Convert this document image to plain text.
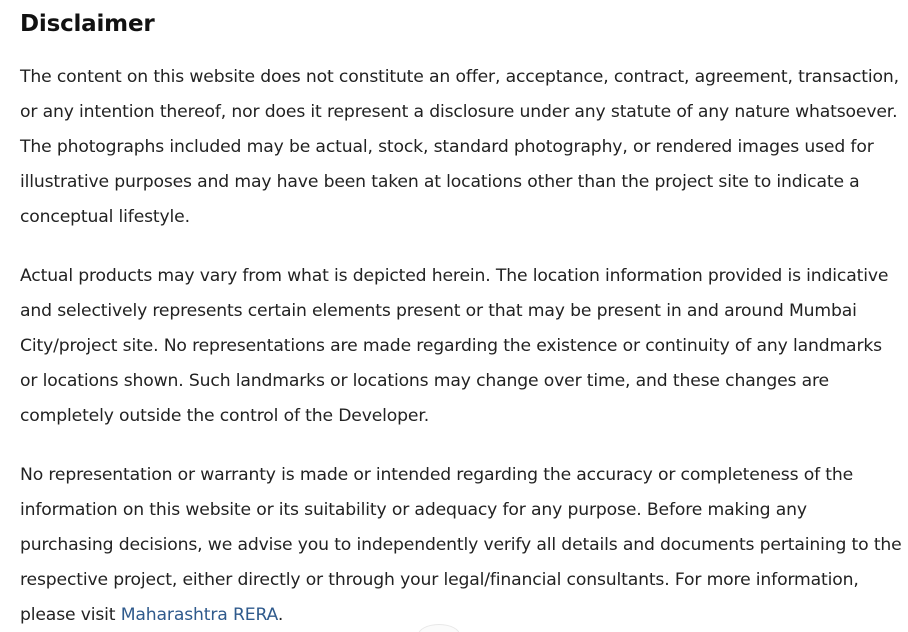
Disclaimer

The content on this website does not constitute an offer, acceptance, contract, agreement, transaction, or any intention thereof, nor does it represent a disclosure under any statute of any nature whatsoever. The photographs included may be actual, stock, standard photography, or rendered images used for illustrative purposes and may have been taken at locations other than the project site to indicate a conceptual lifestyle.

Actual products may vary from what is depicted herein. The location information provided is indicative and selectively represents certain elements present or that may be present in and around Mumbai City/project site. No representations are made regarding the existence or continuity of any landmarks or locations shown. Such landmarks or locations may change over time, and these changes are completely outside the control of the Developer.

No representation or warranty is made or intended regarding the accuracy or completeness of the information on this website or its suitability or adequacy for any purpose. Before making any purchasing decisions, we advise you to independently verify all details and documents pertaining to the respective project, either directly or through your legal/financial consultants. For more information, please visit Maharashtra RERA.
